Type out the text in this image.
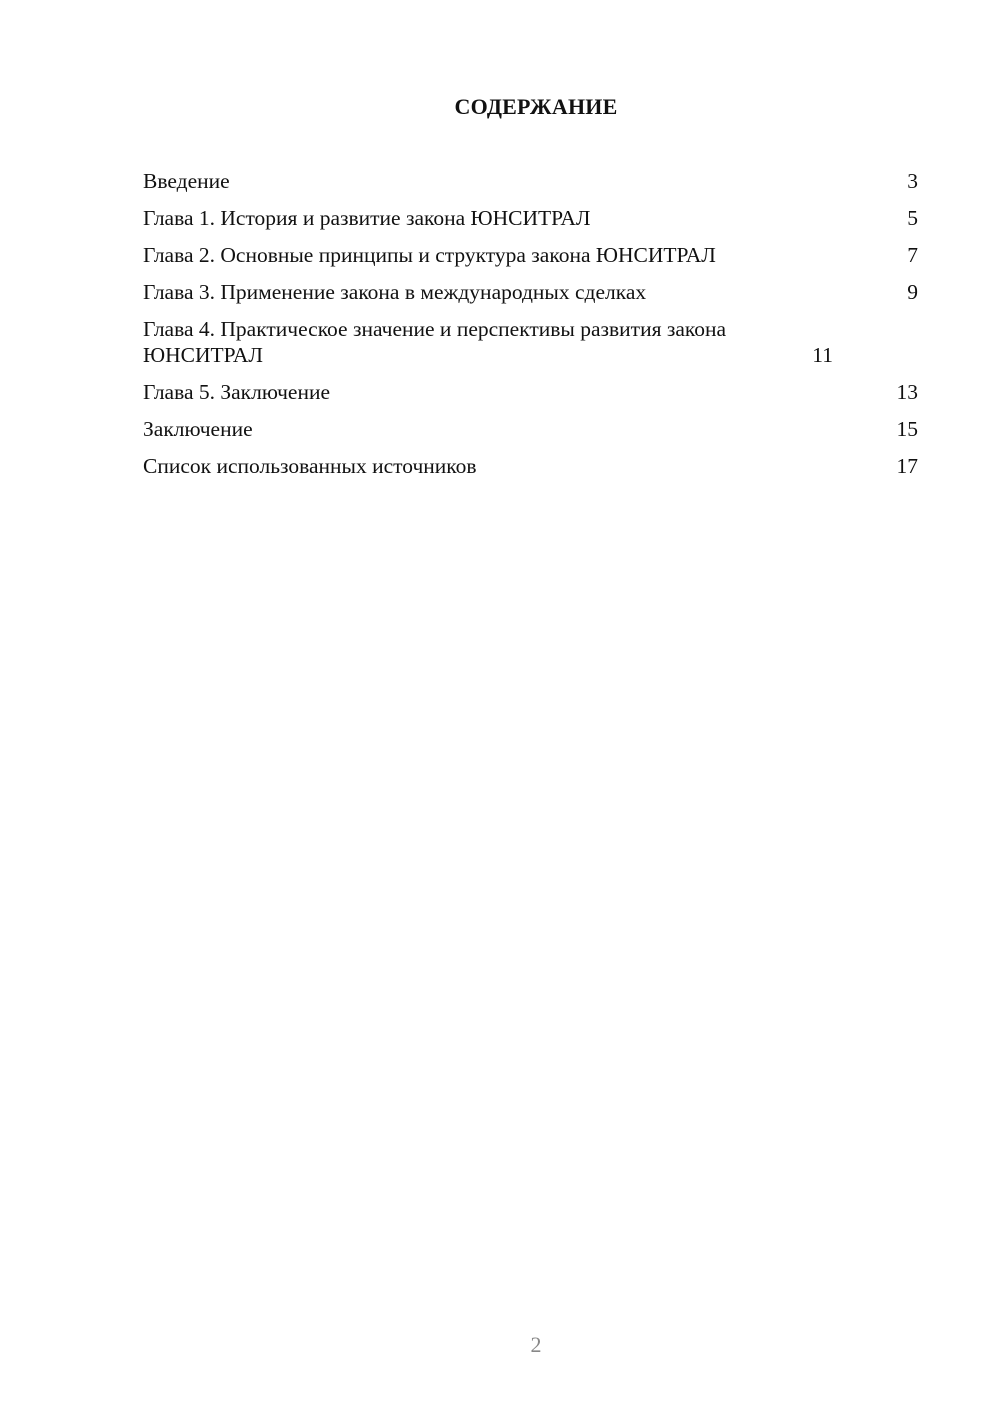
СОДЕРЖАНИЕ
Введение	3
Глава 1. История и развитие закона ЮНСИТРАЛ	5
Глава 2. Основные принципы и структура закона ЮНСИТРАЛ	7
Глава 3. Применение закона в международных сделках	9
Глава 4. Практическое значение и перспективы развития закона ЮНСИТРАЛ	11
Глава 5. Заключение	13
Заключение	15
Список использованных источников	17
2
